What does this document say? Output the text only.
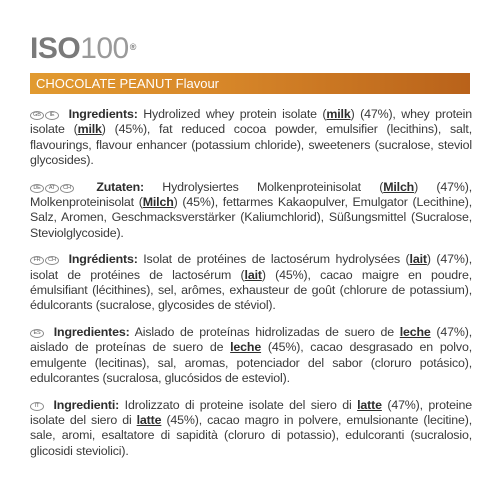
ISO100®
CHOCOLATE PEANUT Flavour
GB IE Ingredients: Hydrolized whey protein isolate (milk) (47%), whey protein isolate (milk) (45%), fat reduced cocoa powder, emulsifier (lecithins), salt, flavourings, flavour enhancer (potassium chloride), sweeteners (sucralose, steviol glycosides).
DE AT CH Zutaten: Hydrolysiertes Molkenproteinisolat (Milch) (47%), Molkenproteinisolat (Milch) (45%), fettarmes Kakaopulver, Emulgator (Lecithine), Salz, Aromen, Geschmacksverstärker (Kaliumchlorid), Süßungsmittel (Sucralose, Steviolglycoside).
FR CH Ingrédients: Isolat de protéines de lactosérum hydrolysées (lait) (47%), isolat de protéines de lactosérum (lait) (45%), cacao maigre en poudre, émulsifiant (lécithines), sel, arômes, exhausteur de goût (chlorure de potassium), édulcorants (sucralose, glycosides de stéviol).
ES Ingredientes: Aislado de proteínas hidrolizadas de suero de leche (47%), aislado de proteínas de suero de leche (45%), cacao desgrasado en polvo, emulgente (lecitinas), sal, aromas, potenciador del sabor (cloruro potásico), edulcorantes (sucralosa, glucósidos de esteviol).
IT Ingredienti: Idrolizzato di proteine isolate del siero di latte (47%), proteine isolate del siero di latte (45%), cacao magro in polvere, emulsionante (lecitine), sale, aromi, esaltatore di sapidità (cloruro di potassio), edulcoranti (sucralosio, glicosidi steviolici).
